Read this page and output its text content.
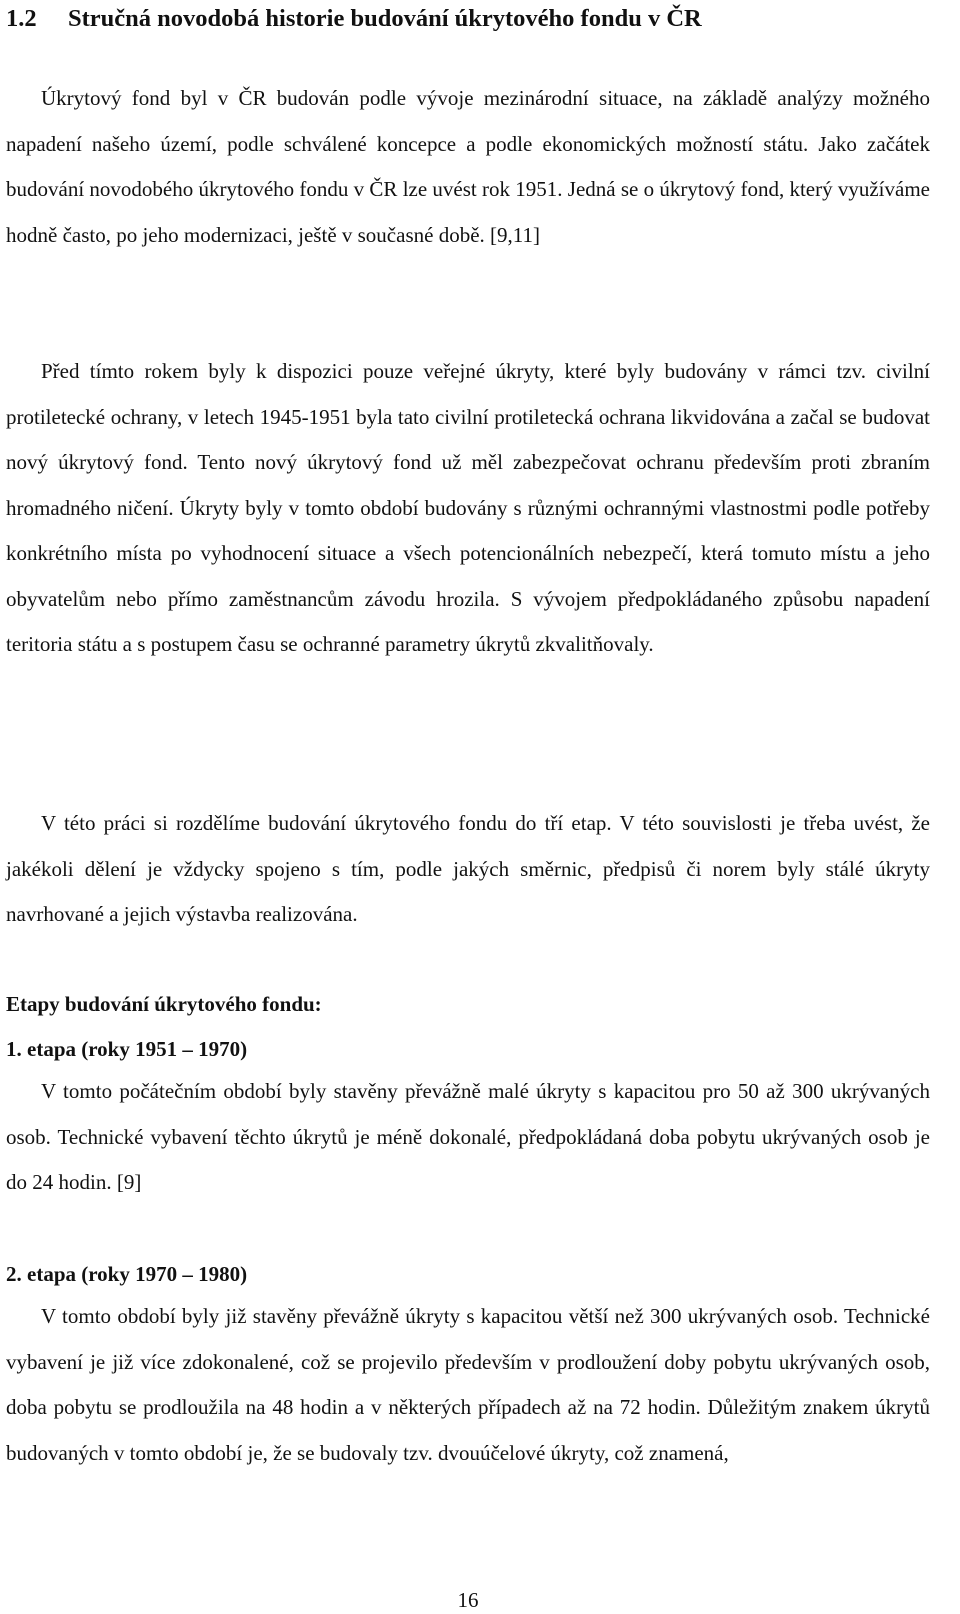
1.2 Stručná novodobá historie budování úkrytového fondu v ČR

Úkrytový fond byl v ČR budován podle vývoje mezinárodní situace, na základě analýzy možného napadení našeho území, podle schválené koncepce a podle ekonomických možností státu. Jako začátek budování novodobého úkrytového fondu v ČR lze uvést rok 1951. Jedná se o úkrytový fond, který využíváme hodně často, po jeho modernizaci, ještě v současné době. [9,11]

Před tímto rokem byly k dispozici pouze veřejné úkryty, které byly budovány v rámci tzv. civilní protiletecké ochrany, v letech 1945-1951 byla tato civilní protiletecká ochrana likvidována a začal se budovat nový úkrytový fond. Tento nový úkrytový fond už měl zabezpečovat ochranu především proti zbraním hromadného ničení. Úkryty byly v tomto období budovány s různými ochrannými vlastnostmi podle potřeby konkrétního místa po vyhodnocení situace a všech potencionálních nebezpečí, která tomuto místu a jeho obyvatelům nebo přímo zaměstnancům závodu hrozila. S vývojem předpokládaného způsobu napadení teritoria státu a s postupem času se ochranné parametry úkrytů zkvalitňovaly.

V této práci si rozdělíme budování úkrytového fondu do tří etap. V této souvislosti je třeba uvést, že jakékoli dělení je vždycky spojeno s tím, podle jakých směrnic, předpisů či norem byly stálé úkryty navrhované a jejich výstavba realizována.

Etapy budování úkrytového fondu:
1. etapa (roky 1951 – 1970)

V tomto počátečním období byly stavěny převážně malé úkryty s kapacitou pro 50 až 300 ukrývaných osob. Technické vybavení těchto úkrytů je méně dokonalé, předpokládaná doba pobytu ukrývaných osob je do 24 hodin. [9]

2. etapa (roky 1970 – 1980)

V tomto období byly již stavěny převážně úkryty s kapacitou větší než 300 ukrývaných osob. Technické vybavení je již více zdokonalené, což se projevilo především v prodloužení doby pobytu ukrývaných osob, doba pobytu se prodloužila na 48 hodin a v některých případech až na 72 hodin. Důležitým znakem úkrytů budovaných v tomto období je, že se budovaly tzv. dvouúčelové úkryty, což znamená,

16
